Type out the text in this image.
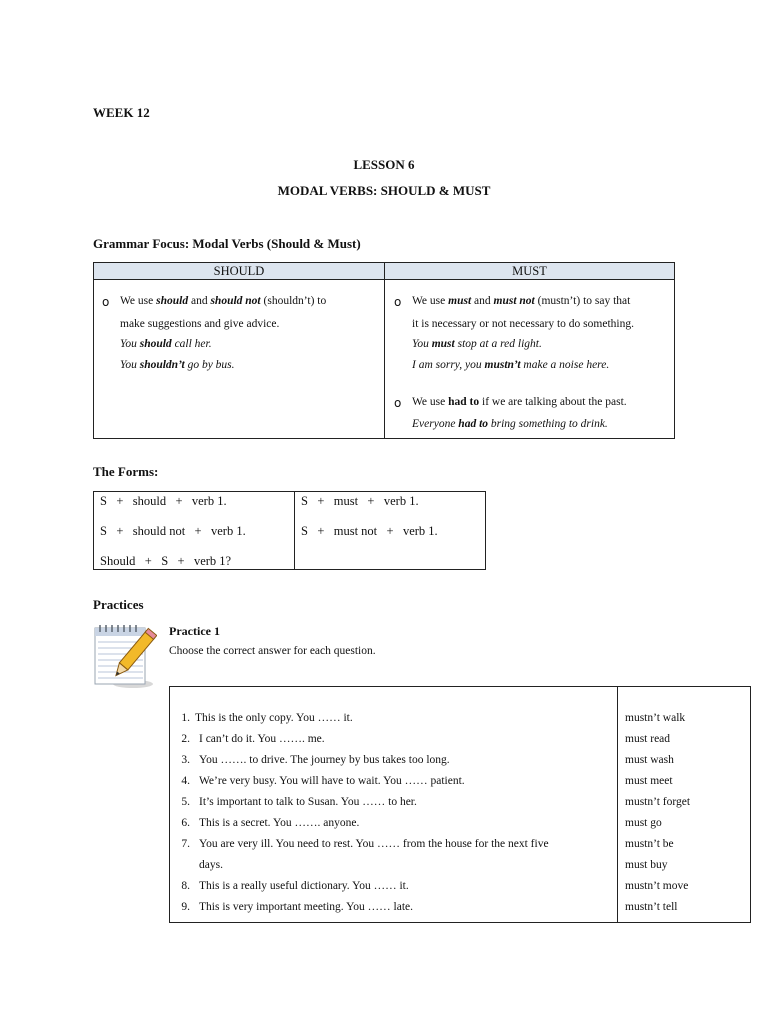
WEEK 12
LESSON 6
MODAL VERBS: SHOULD & MUST
Grammar Focus: Modal Verbs (Should & Must)
SHOULD	MUST
o We use should and should not (shouldn’t) to
make suggestions and give advice.
You should call her.
You shouldn’t go by bus.
o We use must and must not (mustn’t) to say that
it is necessary or not necessary to do something.
You must stop at a red light.
I am sorry, you mustn’t make a noise here.
o We use had to if we are talking about the past.
Everyone had to bring something to drink.
The Forms:
S   +   should   +   verb 1.
S   +   should not   +   verb 1.
Should   +   S   +   verb 1?
S   +   must   +   verb 1.
S   +   must not   +   verb 1.
Practices
Practice 1
Choose the correct answer for each question.
1. This is the only copy. You …… it.
2. I can’t do it. You ……. me.
3. You ……. to drive. The journey by bus takes too long.
4. We’re very busy. You will have to wait. You …… patient.
5. It’s important to talk to Susan. You …… to her.
6. This is a secret. You ……. anyone.
7. You are very ill. You need to rest. You …… from the house for the next five
days.
8. This is a really useful dictionary. You …… it.
9. This is very important meeting. You …… late.
mustn’t walk
must read
must wash
must meet
mustn’t forget
must go
mustn’t be
must buy
mustn’t move
mustn’t tell
